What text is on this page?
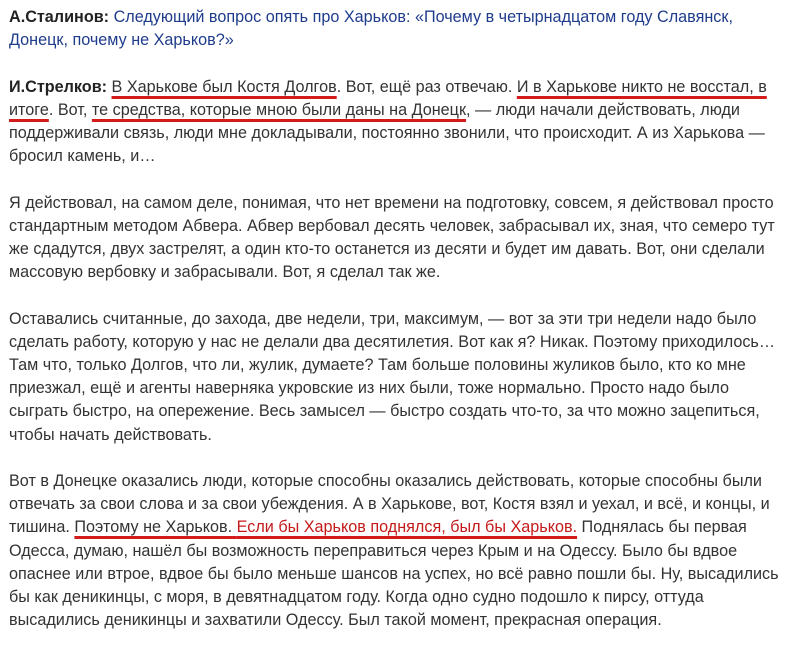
А.Сталинов: Следующий вопрос опять про Харьков: «Почему в четырнадцатом году Славянск, Донецк, почему не Харьков?»

И.Стрелков: В Харькове был Костя Долгов. Вот, ещё раз отвечаю. И в Харькове никто не восстал, в итоге. Вот, те средства, которые мною были даны на Донецк, — люди начали действовать, люди поддерживали связь, люди мне докладывали, постоянно звонили, что происходит. А из Харькова — бросил камень, и…

Я действовал, на самом деле, понимая, что нет времени на подготовку, совсем, я действовал просто стандартным методом Абвера. Абвер вербовал десять человек, забрасывал их, зная, что семеро тут же сдадутся, двух застрелят, а один кто-то останется из десяти и будет им давать. Вот, они сделали массовую вербовку и забрасывали. Вот, я сделал так же.

Оставались считанные, до захода, две недели, три, максимум, — вот за эти три недели надо было сделать работу, которую у нас не делали два десятилетия. Вот как я? Никак. Поэтому приходилось… Там что, только Долгов, что ли, жулик, думаете? Там больше половины жуликов было, кто ко мне приезжал, ещё и агенты наверняка укровские из них были, тоже нормально. Просто надо было сыграть быстро, на опережение. Весь замысел — быстро создать что-то, за что можно зацепиться, чтобы начать действовать.

Вот в Донецке оказались люди, которые способны оказались действовать, которые способны были отвечать за свои слова и за свои убеждения. А в Харькове, вот, Костя взял и уехал, и всё, и концы, и тишина. Поэтому не Харьков. Если бы Харьков поднялся, был бы Харьков. Поднялась бы первая Одесса, думаю, нашёл бы возможность переправиться через Крым и на Одессу. Было бы вдвое опаснее или втрое, вдвое бы было меньше шансов на успех, но всё равно пошли бы. Ну, высадились бы как деникинцы, с моря, в девятнадцатом году. Когда одно судно подошло к пирсу, оттуда высадились деникинцы и захватили Одессу. Был такой момент, прекрасная операция.
